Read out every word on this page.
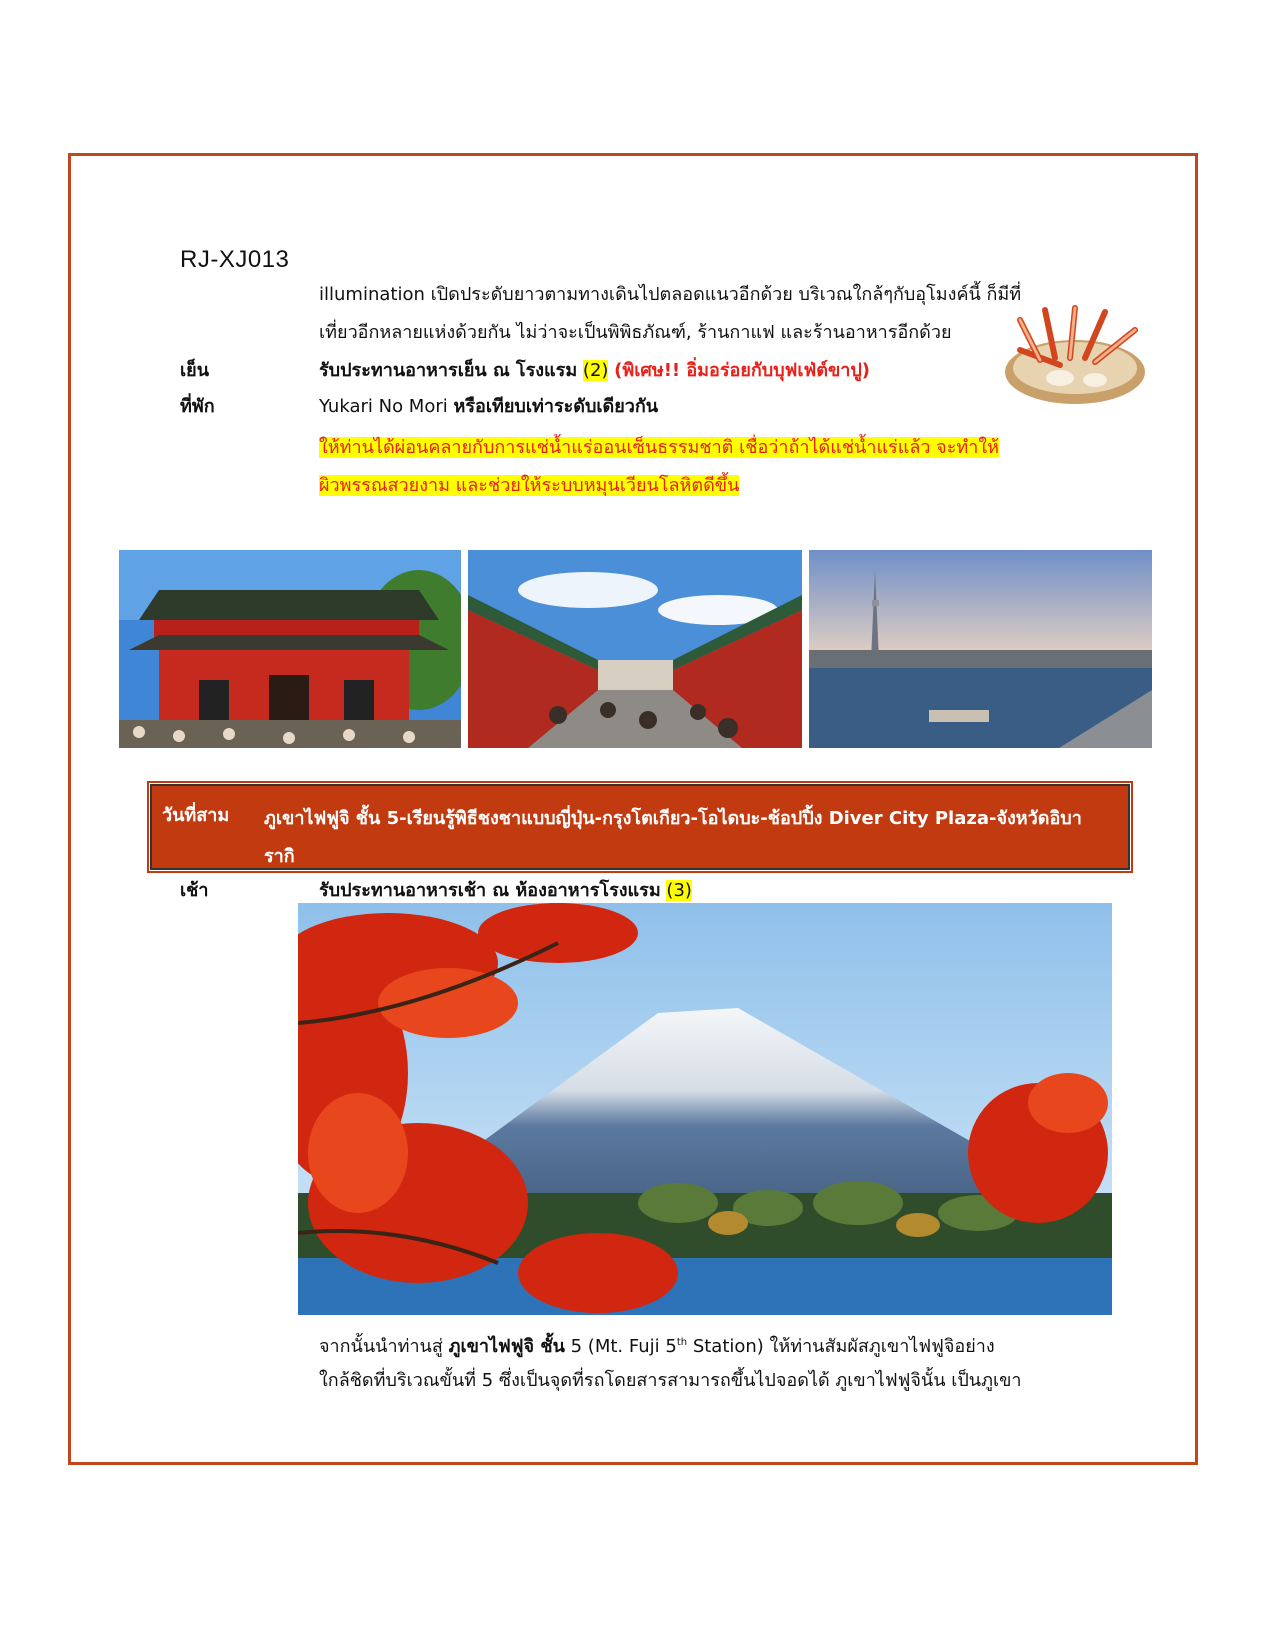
RJ-XJ013
illumination เปิดประดับยาวตามทางเดินไปตลอดแนวอีกด้วย บริเวณใกล้ๆกับอุโมงค์นี้ ก็มีที่
เที่ยวอีกหลายแห่งด้วยกัน ไม่ว่าจะเป็นพิพิธภัณฑ์, ร้านกาแฟ และร้านอาหารอีกด้วย
เย็น	รับประทานอาหารเย็น ณ โรงแรม (2) (พิเศษ!! อิ่มอร่อยกับบุฟเฟ่ต์ขาปู)
ที่พัก	Yukari No Mori หรือเทียบเท่าระดับเดียวกัน
ให้ท่านได้ผ่อนคลายกับการแช่น้ำแร่ออนเซ็นธรรมชาติ เชื่อว่าถ้าได้แช่น้ำแร่แล้ว จะทำให้
ผิวพรรณสวยงาม และช่วยให้ระบบหมุนเวียนโลหิตดีขึ้น
วันที่สาม ภูเขาไฟฟูจิ ชั้น 5-เรียนรู้พิธีชงชาแบบญี่ปุ่น-กรุงโตเกียว-โอไดบะ-ช้อปปิ้ง Diver City Plaza-จังหวัดอิบารากิ
เช้า	รับประทานอาหารเช้า ณ ห้องอาหารโรงแรม (3)
จากนั้นนำท่านสู่ ภูเขาไฟฟูจิ ชั้น 5 (Mt. Fuji 5th Station) ให้ท่านสัมผัสภูเขาไฟฟูจิอย่าง
ใกล้ชิดที่บริเวณขั้นที่ 5 ซึ่งเป็นจุดที่รถโดยสารสามารถขึ้นไปจอดได้ ภูเขาไฟฟูจินั้น เป็นภูเขา
